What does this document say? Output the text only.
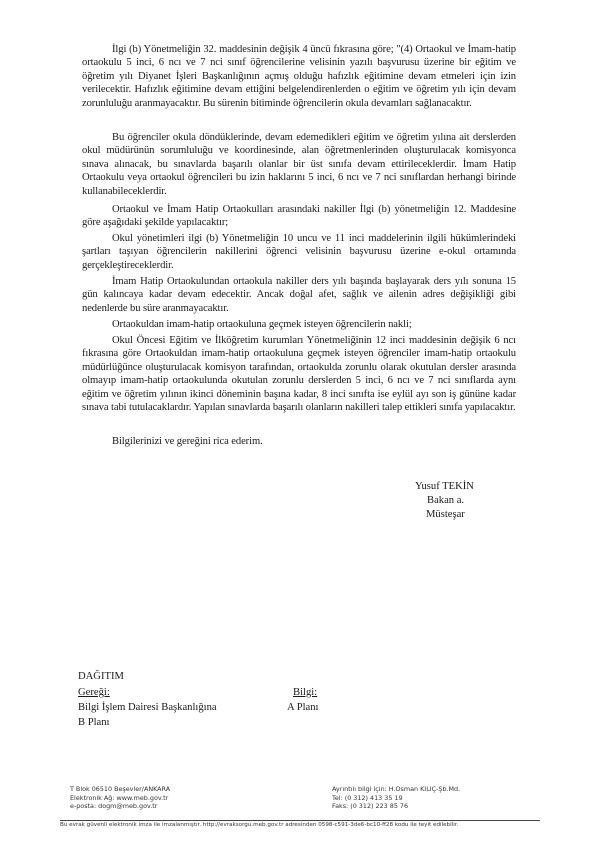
İlgi (b) Yönetmeliğin 32. maddesinin değişik 4 üncü fıkrasına göre; "(4) Ortaokul ve İmam-hatip ortaokulu 5 inci, 6 ncı ve 7 nci sınıf öğrencilerine velisinin yazılı başvurusu üzerine bir eğitim ve öğretim yılı Diyanet İşleri Başkanlığının açmış olduğu hafızlık eğitimine devam etmeleri için izin verilecektir. Hafızlık eğitimine devam ettiğini belgelendirenlerden o eğitim ve öğretim yılı için devam zorunluluğu aranmayacaktır. Bu sürenin bitiminde öğrencilerin okula devamları sağlanacaktır.

Bu öğrenciler okula döndüklerinde, devam edemedikleri eğitim ve öğretim yılına ait derslerden okul müdürünün sorumluluğu ve koordinesinde, alan öğretmenlerinden oluşturulacak komisyonca sınava alınacak, bu sınavlarda başarılı olanlar bir üst sınıfa devam ettirileceklerdir. İmam Hatip Ortaokulu veya ortaokul öğrencileri bu izin haklarını 5 inci, 6 ncı ve 7 nci sınıflardan herhangi birinde kullanabileceklerdir.

Ortaokul ve İmam Hatip Ortaokulları arasındaki nakiller İlgi (b) yönetmeliğin 12. Maddesine göre aşağıdaki şekilde yapılacaktır;

Okul yönetimleri ilgi (b) Yönetmeliğin 10 uncu ve 11 inci maddelerinin ilgili hükümlerindeki şartları taşıyan öğrencilerin nakillerini öğrenci velisinin başvurusu üzerine e-okul ortamında gerçekleştireceklerdir.

İmam Hatip Ortaokulundan ortaokula nakiller ders yılı başında başlayarak ders yılı sonuna 15 gün kalıncaya kadar devam edecektir. Ancak doğal afet, sağlık ve ailenin adres değişikliği gibi nedenlerde bu süre aranmayacaktır.

Ortaokuldan imam-hatip ortaokuluna geçmek isteyen öğrencilerin nakli;

Okul Öncesi Eğitim ve İlköğretim kurumları Yönetmeliğinin 12 inci maddesinin değişik 6 ncı fıkrasına göre Ortaokuldan imam-hatip ortaokuluna geçmek isteyen öğrenciler imam-hatip ortaokulu müdürlüğünce oluşturulacak komisyon tarafından, ortaokulda zorunlu olarak okutulan dersler arasında olmayıp imam-hatip ortaokulunda okutulan zorunlu derslerden 5 inci, 6 ncı ve 7 nci sınıflarda aynı eğitim ve öğretim yılının ikinci döneminin başına kadar, 8 inci sınıfta ise eylül ayı son iş gününe kadar sınava tabi tutulacaklardır. Yapılan sınavlarda başarılı olanların nakilleri talep ettikleri sınıfa yapılacaktır.

Bilgilerinizi ve gereğini rica ederim.

Yusuf TEKİN
Bakan a.
Müsteşar
DAĞITIM
Gereği:
Bilgi İşlem Dairesi Başkanlığına
B Planı
Bilgi:
A Planı
T Blok 06510 Beşevler/ANKARA
Elektronik Ağ: www.meb.gov.tr
e-posta: dogm@meb.gov.tr
Ayrıntılı bilgi için: H.Osman KILIÇ-Şb.Md.
Tel: (0 312) 413 35 19
Faks: (0 312) 223 85 76
Bu evrak güvenli elektronik imza ile imzalanmıştır. http://evraksorgu.meb.gov.tr adresinden 0598-c591-3de6-bc10-ff28 kodu ile teyit edilebilir.
